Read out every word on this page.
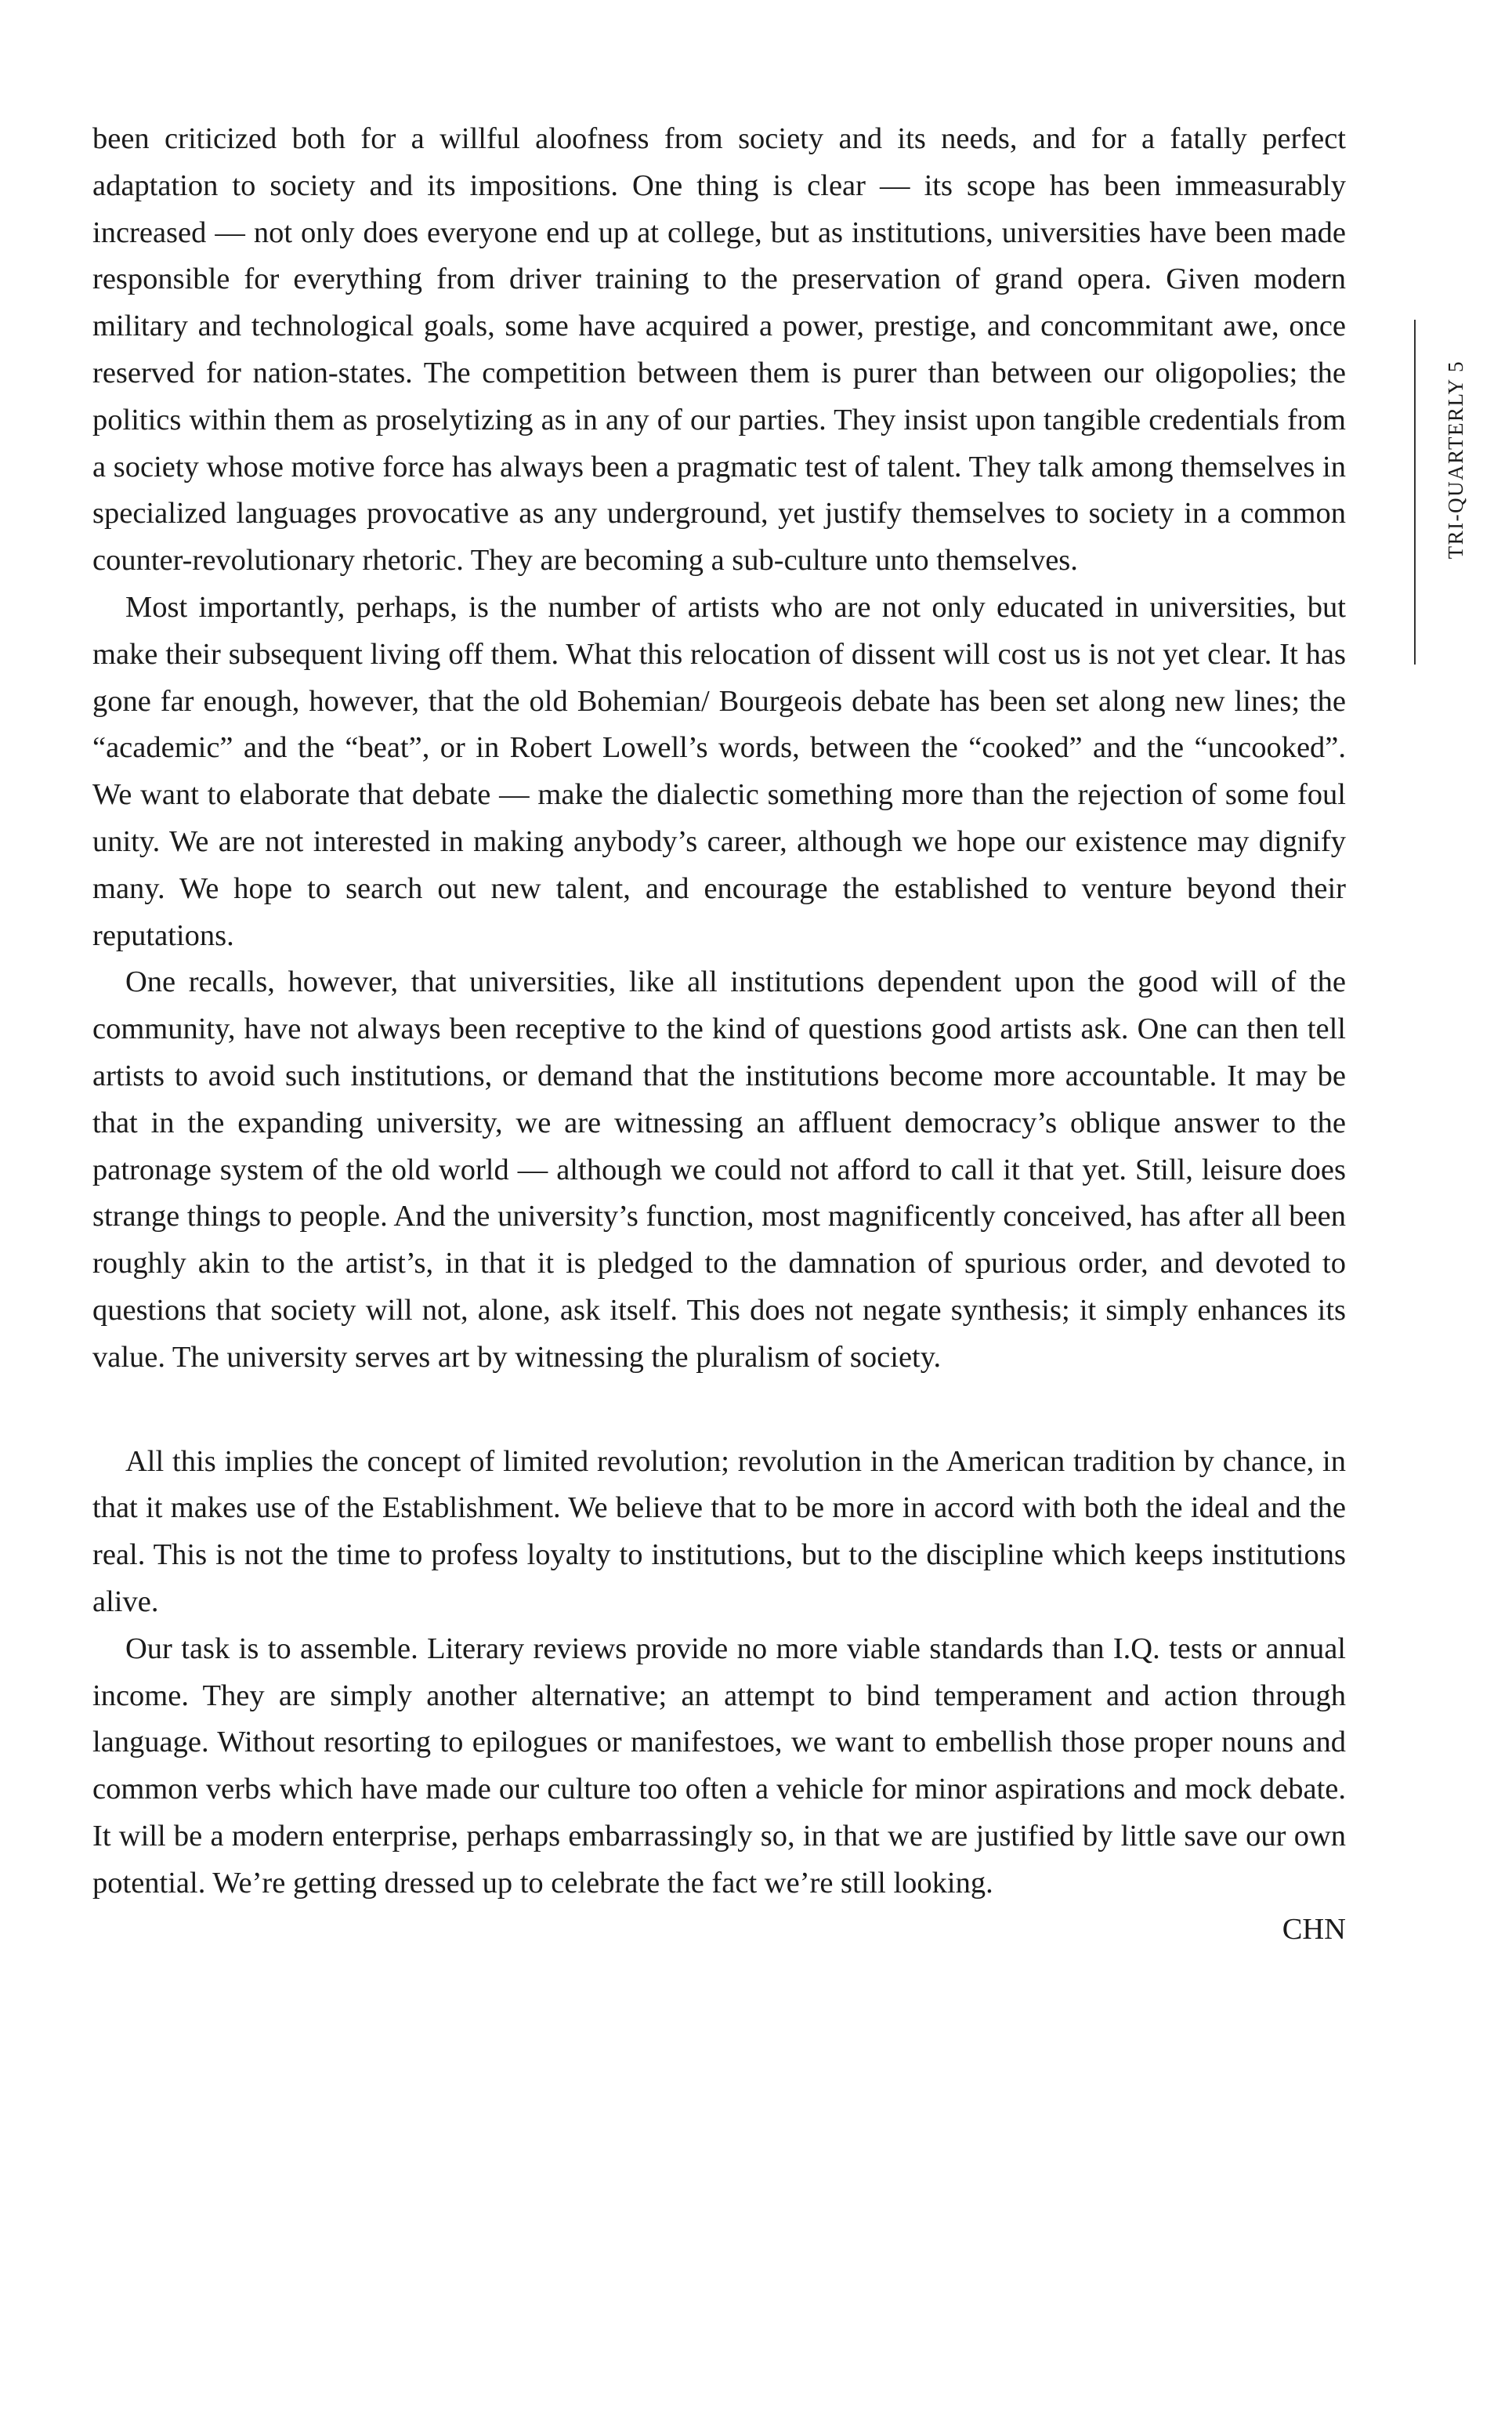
TRI-QUARTERLY 5

been criticized both for a willful aloofness from society and its needs, and for a fatally perfect adaptation to society and its impositions. One thing is clear — its scope has been immeasurably increased — not only does everyone end up at college, but as institutions, universities have been made responsible for everything from driver training to the preservation of grand opera. Given modern military and technological goals, some have acquired a power, prestige, and concommitant awe, once reserved for nation-states. The competition between them is purer than between our oligopolies; the politics within them as proselytizing as in any of our parties. They insist upon tangible credentials from a society whose motive force has always been a pragmatic test of talent. They talk among themselves in specialized languages provocative as any underground, yet justify themselves to society in a common counter-revolutionary rhetoric. They are becoming a sub-culture unto themselves.

Most importantly, perhaps, is the number of artists who are not only educated in universities, but make their subsequent living off them. What this relocation of dissent will cost us is not yet clear. It has gone far enough, however, that the old Bohemian/ Bourgeois debate has been set along new lines; the “academic” and the “beat”, or in Robert Lowell’s words, between the “cooked” and the “uncooked”. We want to elaborate that debate — make the dialectic something more than the rejection of some foul unity. We are not interested in making anybody’s career, although we hope our existence may dignify many. We hope to search out new talent, and encourage the established to venture beyond their reputations.

One recalls, however, that universities, like all institutions dependent upon the good will of the community, have not always been receptive to the kind of questions good artists ask. One can then tell artists to avoid such institutions, or demand that the institutions become more accountable. It may be that in the expanding university, we are witnessing an affluent democracy’s oblique answer to the patronage system of the old world — although we could not afford to call it that yet. Still, leisure does strange things to people. And the university’s function, most magnificently conceived, has after all been roughly akin to the artist’s, in that it is pledged to the damnation of spurious order, and devoted to questions that society will not, alone, ask itself. This does not negate synthesis; it simply enhances its value. The university serves art by witnessing the pluralism of society.

All this implies the concept of limited revolution; revolution in the American tradition by chance, in that it makes use of the Establishment. We believe that to be more in accord with both the ideal and the real. This is not the time to profess loyalty to institutions, but to the discipline which keeps institutions alive.

Our task is to assemble. Literary reviews provide no more viable standards than I.Q. tests or annual income. They are simply another alternative; an attempt to bind temperament and action through language. Without resorting to epilogues or manifestoes, we want to embellish those proper nouns and common verbs which have made our culture too often a vehicle for minor aspirations and mock debate. It will be a modern enterprise, perhaps embarrassingly so, in that we are justified by little save our own potential. We’re getting dressed up to celebrate the fact we’re still looking.

CHN
